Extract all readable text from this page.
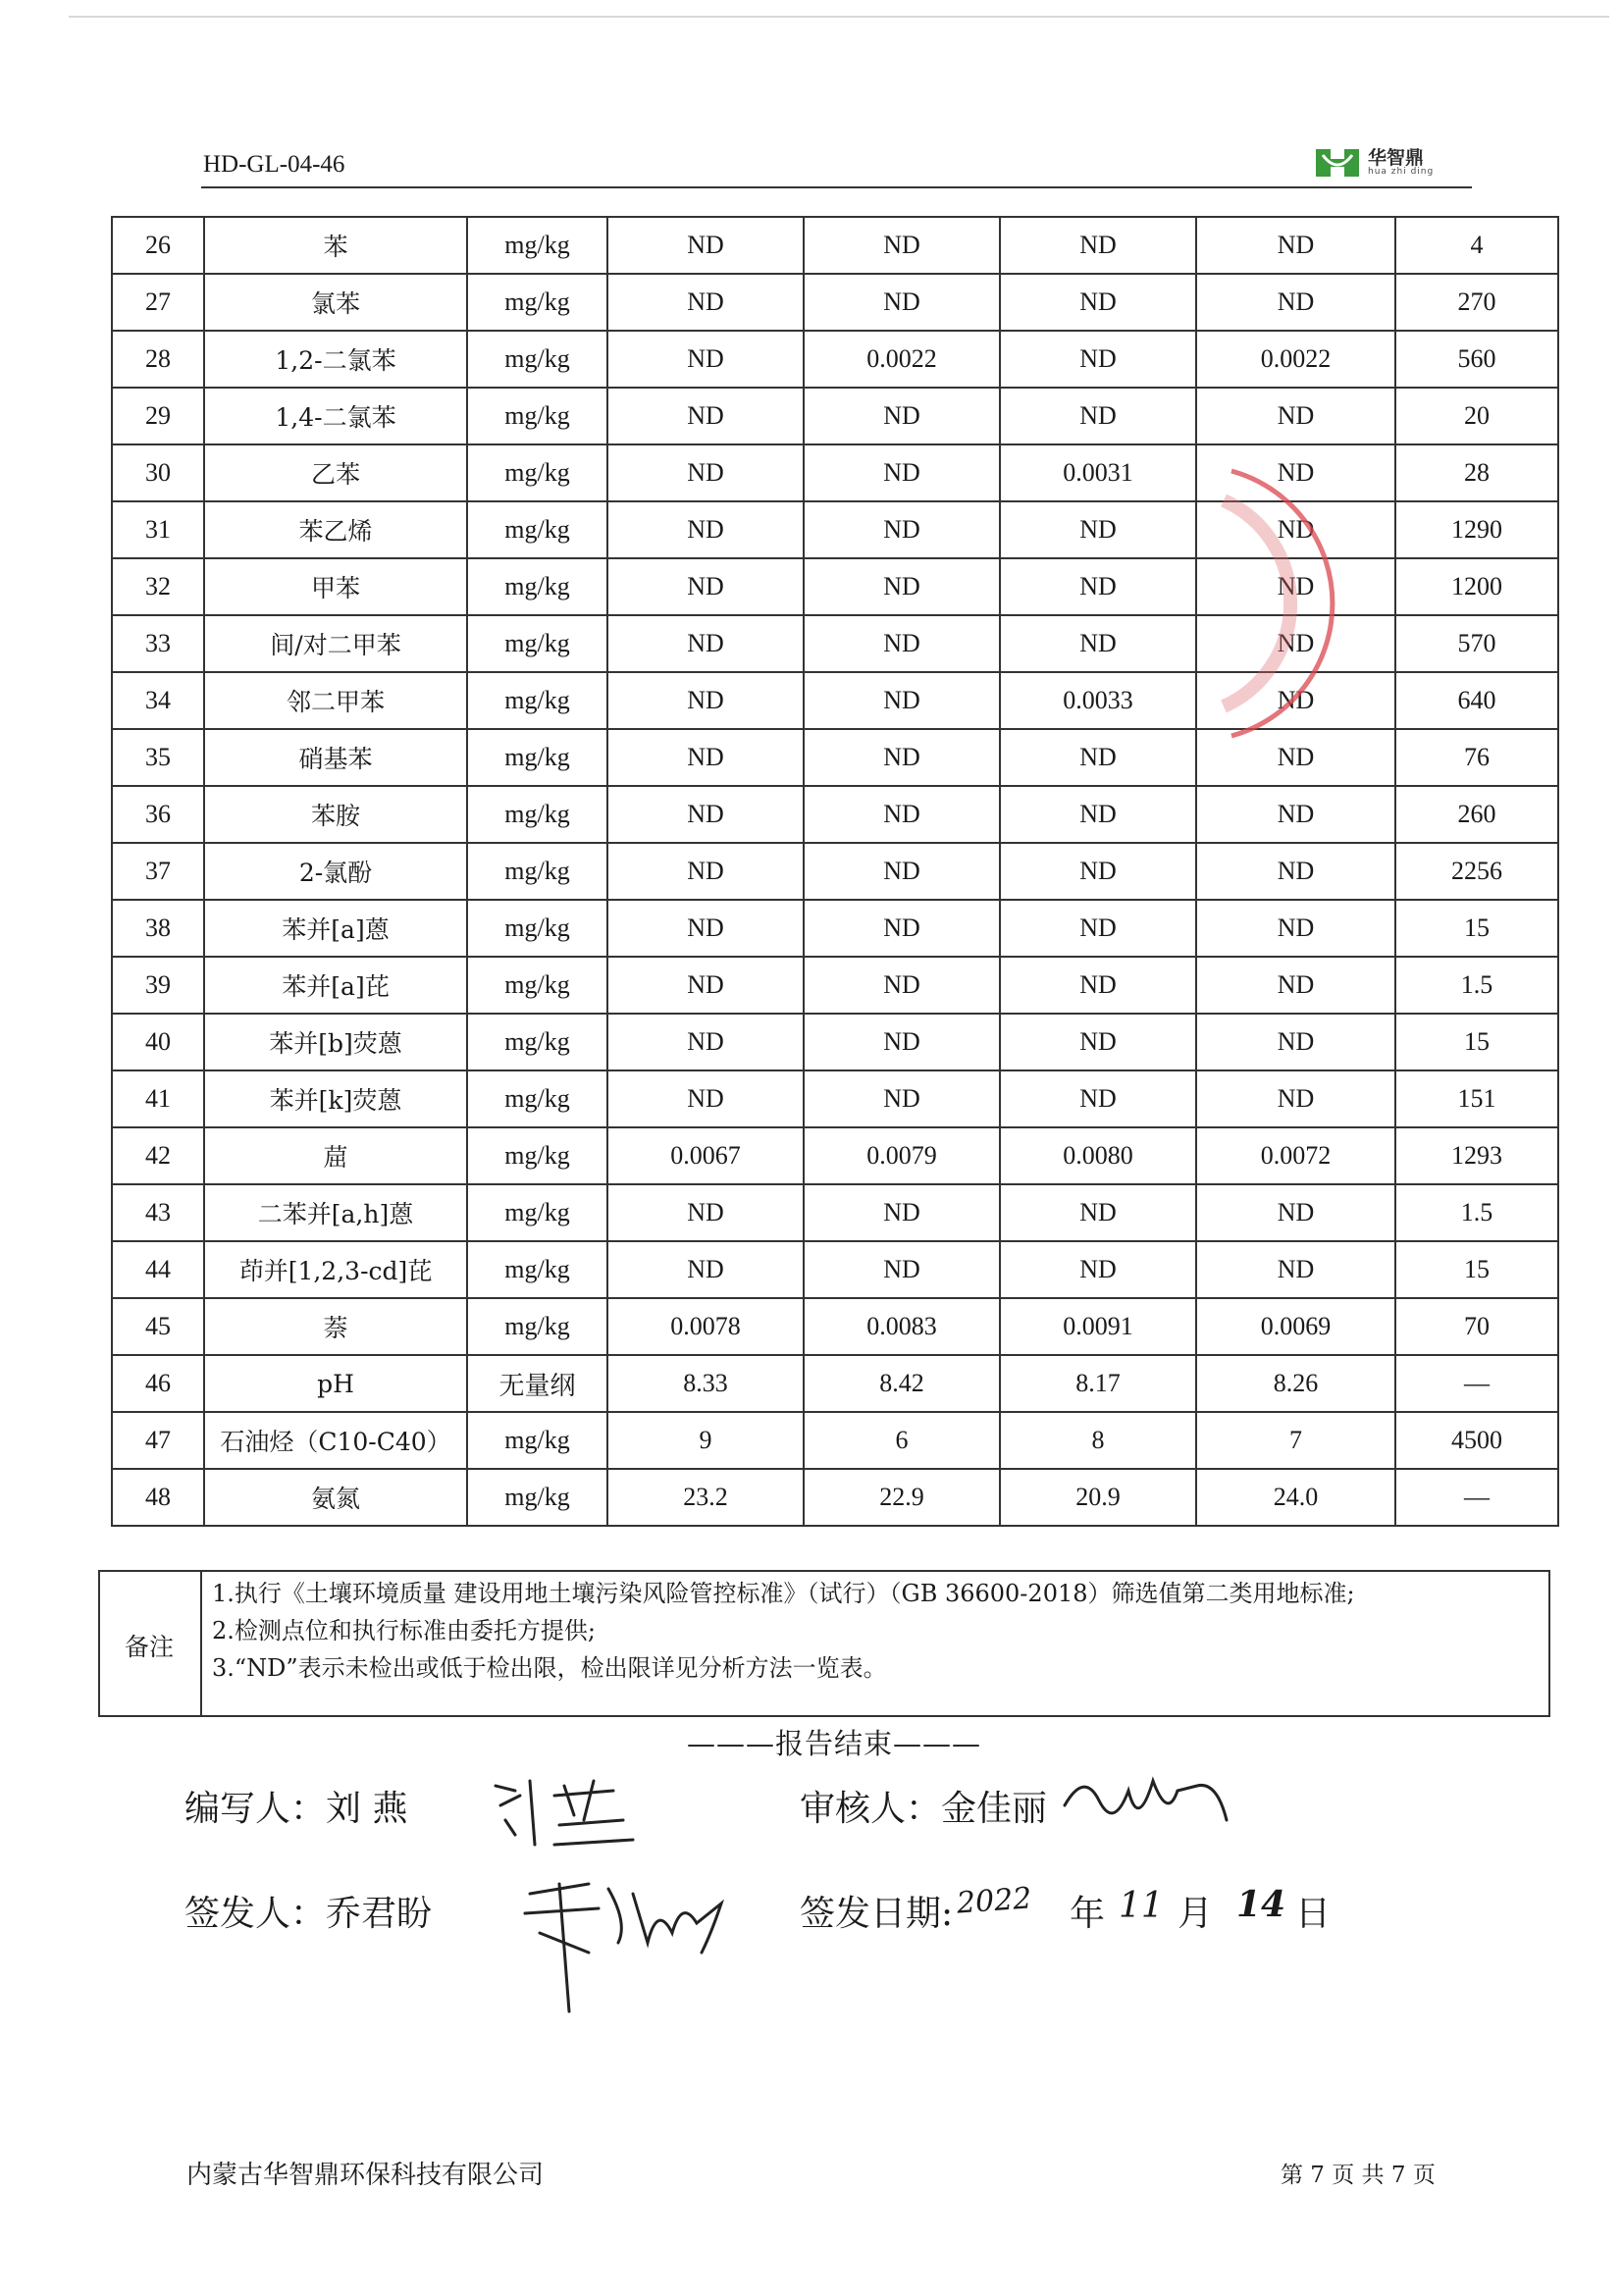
HD-GL-04-46	华智鼎
hua zhi ding
26	苯	mg/kg	ND	ND	ND	ND	4
27	氯苯	mg/kg	ND	ND	ND	ND	270
28	1,2-二氯苯	mg/kg	ND	0.0022	ND	0.0022	560
29	1,4-二氯苯	mg/kg	ND	ND	ND	ND	20
30	乙苯	mg/kg	ND	ND	0.0031	ND	28
31	苯乙烯	mg/kg	ND	ND	ND	ND	1290
32	甲苯	mg/kg	ND	ND	ND	ND	1200
33	间/对二甲苯	mg/kg	ND	ND	ND	ND	570
34	邻二甲苯	mg/kg	ND	ND	0.0033	ND	640
35	硝基苯	mg/kg	ND	ND	ND	ND	76
36	苯胺	mg/kg	ND	ND	ND	ND	260
37	2-氯酚	mg/kg	ND	ND	ND	ND	2256
38	苯并[a]蒽	mg/kg	ND	ND	ND	ND	15
39	苯并[a]芘	mg/kg	ND	ND	ND	ND	1.5
40	苯并[b]荧蒽	mg/kg	ND	ND	ND	ND	15
41	苯并[k]荧蒽	mg/kg	ND	ND	ND	ND	151
42	䓛	mg/kg	0.0067	0.0079	0.0080	0.0072	1293
43	二苯并[a,h]蒽	mg/kg	ND	ND	ND	ND	1.5
44	茚并[1,2,3-cd]芘	mg/kg	ND	ND	ND	ND	15
45	萘	mg/kg	0.0078	0.0083	0.0091	0.0069	70
46	pH	无量纲	8.33	8.42	8.17	8.26	—
47	石油烃（C10-C40）	mg/kg	9	6	8	7	4500
48	氨氮	mg/kg	23.2	22.9	20.9	24.0	—
备注
1.执行《土壤环境质量 建设用地土壤污染风险管控标准》（试行）（GB 36600-2018）筛选值第二类用地标准;
2.检测点位和执行标准由委托方提供;
3.“ND”表示未检出或低于检出限，检出限详见分析方法一览表。
———报告结束———
编写人：刘 燕	审核人：金佳丽
签发人：乔君盼	签发日期: 2022 年 11 月 14 日
内蒙古华智鼎环保科技有限公司	第 7 页 共 7 页
